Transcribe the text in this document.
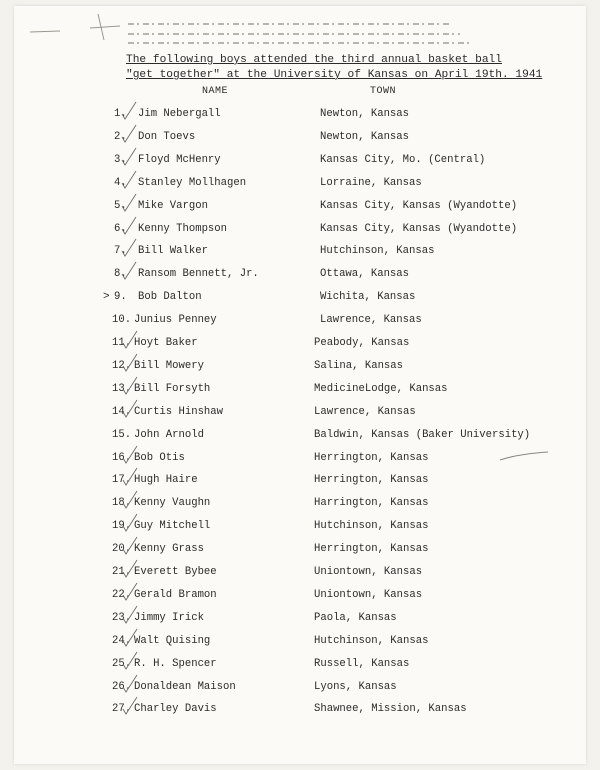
The following boys attended the third annual basket ball
"get together" at the University of Kansas on April 19th. 1941
NAME	TOWN
1. Jim Nebergall	Newton, Kansas
2. Don Toevs	Newton, Kansas
3. Floyd McHenry	Kansas City, Mo. (Central)
4. Stanley Mollhagen	Lorraine, Kansas
5. Mike Vargon	Kansas City, Kansas (Wyandotte)
6. Kenny Thompson	Kansas City, Kansas (Wyandotte)
7. Bill Walker	Hutchinson, Kansas
8. Ransom Bennett, Jr.	Ottawa, Kansas
> 9. Bob Dalton	Wichita, Kansas
10. Junius Penney	Lawrence, Kansas
11. Hoyt Baker	Peabody, Kansas
12. Bill Mowery	Salina, Kansas
13. Bill Forsyth	MedicineLodge, Kansas
14. Curtis Hinshaw	Lawrence, Kansas
15. John Arnold	Baldwin, Kansas (Baker University)
16. Bob Otis	Herrington, Kansas
17. Hugh Haire	Herrington, Kansas
18. Kenny Vaughn	Harrington, Kansas
19. Guy Mitchell	Hutchinson, Kansas
20. Kenny Grass	Herrington, Kansas
21. Everett Bybee	Uniontown, Kansas
22. Gerald Bramon	Uniontown, Kansas
23. Jimmy Irick	Paola, Kansas
24. Walt Quising	Hutchinson, Kansas
25. R. H. Spencer	Russell, Kansas
26. Donaldean Maison	Lyons, Kansas
27. Charley Davis	Shawnee, Mission, Kansas
